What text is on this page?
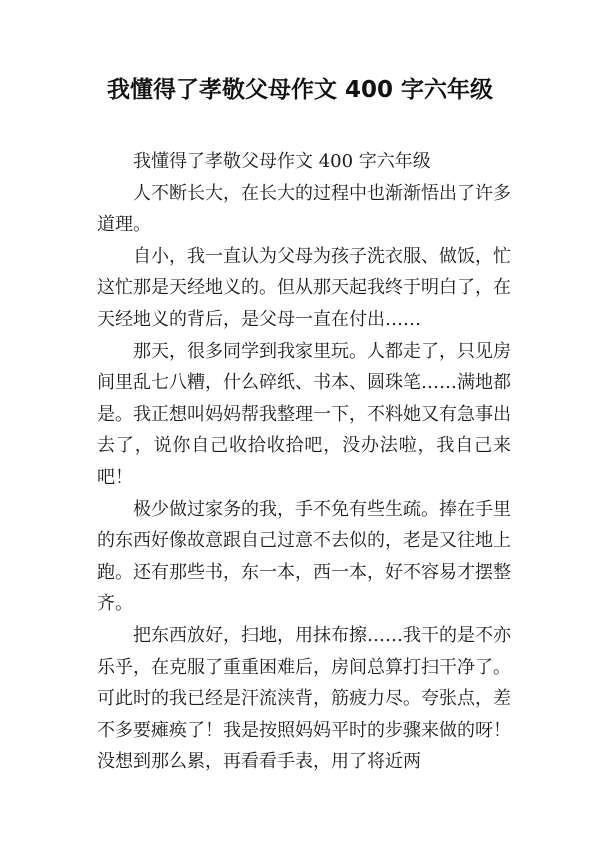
我懂得了孝敬父母作文 400 字六年级

我懂得了孝敬父母作文 400 字六年级

人不断长大，在长大的过程中也渐渐悟出了许多道理。

自小，我一直认为父母为孩子洗衣服、做饭，忙这忙那是天经地义的。但从那天起我终于明白了，在天经地义的背后，是父母一直在付出……

那天，很多同学到我家里玩。人都走了，只见房间里乱七八糟，什么碎纸、书本、圆珠笔……满地都是。我正想叫妈妈帮我整理一下，不料她又有急事出去了，说你自己收拾收拾吧，没办法啦，我自己来吧！

极少做过家务的我，手不免有些生疏。捧在手里的东西好像故意跟自己过意不去似的，老是又往地上跑。还有那些书，东一本，西一本，好不容易才摆整齐。

把东西放好，扫地，用抹布擦……我干的是不亦乐乎，在克服了重重困难后，房间总算打扫干净了。可此时的我已经是汗流浃背，筋疲力尽。夸张点，差不多要瘫痪了！我是按照妈妈平时的步骤来做的呀！没想到那么累，再看看手表，用了将近两
